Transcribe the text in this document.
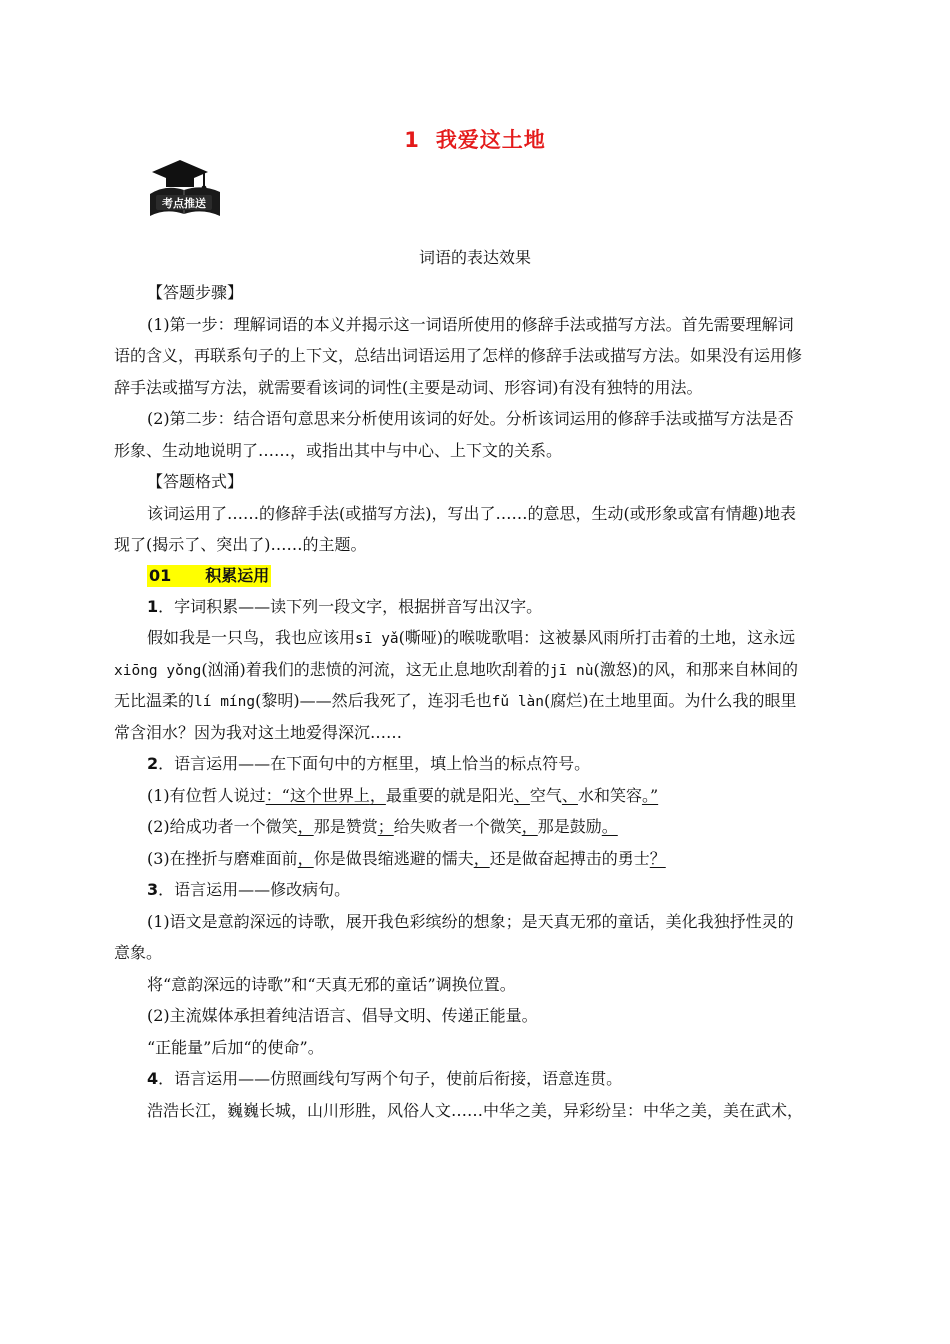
1 我爱这土地
考点推送
词语的表达效果
【答题步骤】
(1)第一步：理解词语的本义并揭示这一词语所使用的修辞手法或描写方法。首先需要理解词
语的含义，再联系句子的上下文，总结出词语运用了怎样的修辞手法或描写方法。如果没有运用修
辞手法或描写方法，就需要看该词的词性(主要是动词、形容词)有没有独特的用法。
(2)第二步：结合语句意思来分析使用该词的好处。分析该词运用的修辞手法或描写方法是否
形象、生动地说明了……，或指出其中与中心、上下文的关系。
【答题格式】
该词运用了……的修辞手法(或描写方法)，写出了……的意思，生动(或形象或富有情趣)地表
现了(揭示了、突出了)……的主题。
01 积累运用
1．字词积累——读下列一段文字，根据拼音写出汉字。
假如我是一只鸟，我也应该用sī yǎ(嘶哑)的喉咙歌唱：这被暴风雨所打击着的土地，这永远
xiōng yǒng(汹涌)着我们的悲愤的河流，这无止息地吹刮着的jī nù(激怒)的风，和那来自林间的
无比温柔的lí míng(黎明)——然后我死了，连羽毛也fǔ làn(腐烂)在土地里面。为什么我的眼里
常含泪水？因为我对这土地爱得深沉……
2．语言运用——在下面句中的方框里，填上恰当的标点符号。
(1)有位哲人说过：“这个世界上，最重要的就是阳光、空气、水和笑容。”
(2)给成功者一个微笑，那是赞赏；给失败者一个微笑，那是鼓励。
(3)在挫折与磨难面前，你是做畏缩逃避的懦夫，还是做奋起搏击的勇士？
3．语言运用——修改病句。
(1)语文是意韵深远的诗歌，展开我色彩缤纷的想象；是天真无邪的童话，美化我独抒性灵的
意象。
将“意韵深远的诗歌”和“天真无邪的童话”调换位置。
(2)主流媒体承担着纯洁语言、倡导文明、传递正能量。
“正能量”后加“的使命”。
4．语言运用——仿照画线句写两个句子，使前后衔接，语意连贯。
浩浩长江，巍巍长城，山川形胜，风俗人文……中华之美，异彩纷呈：中华之美，美在武术，
